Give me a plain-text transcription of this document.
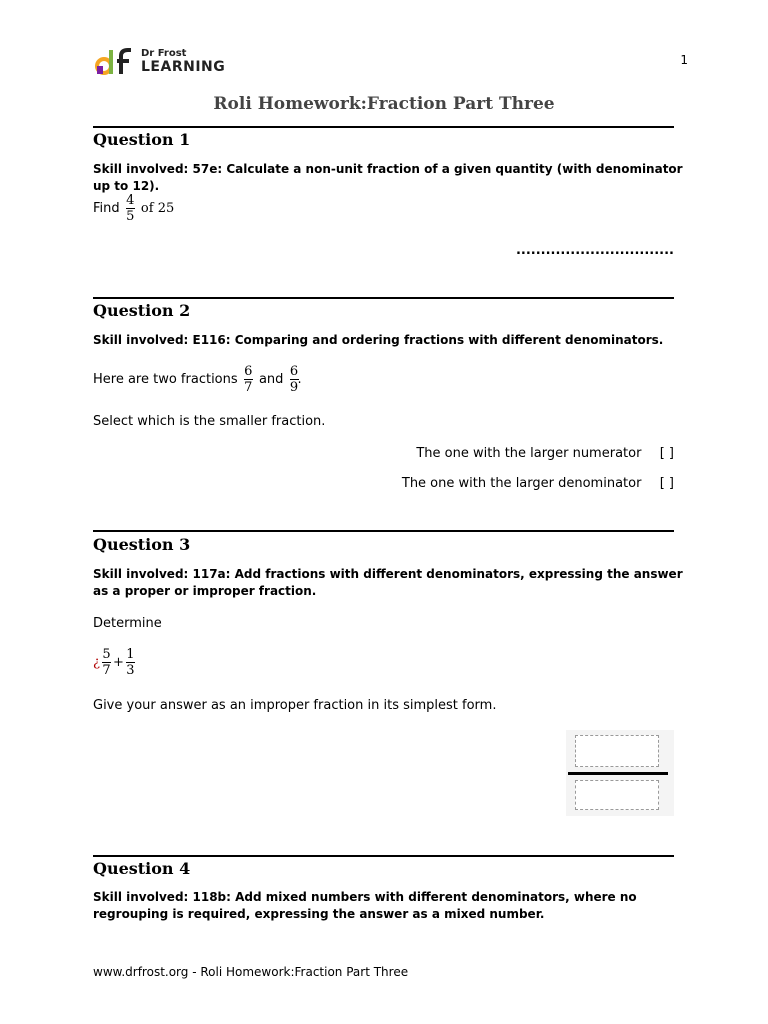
Dr Frost
LEARNING	1
Roli Homework:Fraction Part Three
Question 1
Skill involved: 57e: Calculate a non-unit fraction of a given quantity (with denominator up to 12).
Find $\frac{4}{5}$ of 25
................................
Question 2
Skill involved: E116: Comparing and ordering fractions with different denominators.
Here are two fractions $\frac{6}{7}$ and $\frac{6}{9}$ .
Select which is the smaller fraction.
The one with the larger numerator [ ]
The one with the larger denominator [ ]
Question 3
Skill involved: 117a: Add fractions with different denominators, expressing the answer as a proper or improper fraction.
Determine
¿ $\frac{5}{7} + \frac{1}{3}$
Give your answer as an improper fraction in its simplest form.
Question 4
Skill involved: 118b: Add mixed numbers with different denominators, where no regrouping is required, expressing the answer as a mixed number.
www.drfrost.org - Roli Homework:Fraction Part Three
